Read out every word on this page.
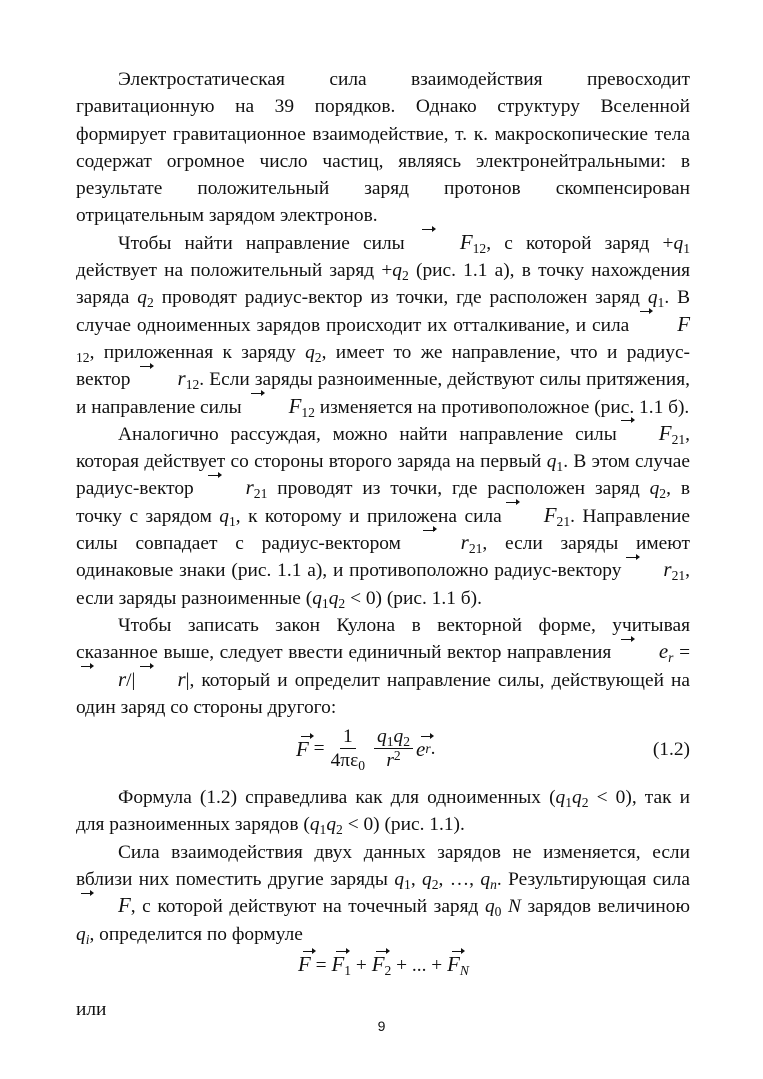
Электростатическая сила взаимодействия превосходит гравитационную на 39 порядков. Однако структуру Вселенной формирует гравитационное взаимодействие, т. к. макроскопические тела содержат огромное число частиц, являясь электронейтральными: в результате положительный заряд протонов скомпенсирован отрицательным зарядом электронов.

Чтобы найти направление силы $F_{12}$, с которой заряд $+q_1$ действует на положительный заряд $+q_2$ (рис. 1.1 а), в точку нахождения заряда $q_2$ проводят радиус-вектор из точки, где расположен заряд $q_1$. В случае одноименных зарядов происходит их отталкивание, и сила $F_{12}$, приложенная к заряду $q_2$, имеет то же направление, что и радиус-вектор $r_{12}$. Если заряды разноименные, действуют силы притяжения, и направление силы $F_{12}$ изменяется на противоположное (рис. 1.1 б).

Аналогично рассуждая, можно найти направление силы $F_{21}$, которая действует со стороны второго заряда на первый $q_1$. В этом случае радиус-вектор $r_{21}$ проводят из точки, где расположен заряд $q_2$, в точку с зарядом $q_1$, к которому и приложена сила $F_{21}$. Направление силы совпадает с радиус-вектором $r_{21}$, если заряды имеют одинаковые знаки (рис. 1.1 а), и противоположно радиус-вектору $r_{21}$, если заряды разноименные $(q_1q_2 < 0)$ (рис. 1.1 б).

Чтобы записать закон Кулона в векторной форме, учитывая сказанное выше, следует ввести единичный вектор направления $e_r = r/|$ r|, который и определит направление силы, действующей на один заряд со стороны другого:

F
= $\frac{1}{4\pi\varepsilon_0} \frac{q_1q_2}{r^2}$ e r .	(1.2)

Формула (1.2) справедлива как для одноименных $(q_1q_2 < 0)$, так и для разноименных зарядов $(q_1q_2 < 0)$ (рис. 1.1).

Сила взаимодействия двух данных зарядов не изменяется, если вблизи них поместить другие заряды $q_1$, $q_2$, …, $q_n$. Результирующая сила F, с которой действуют на точечный заряд $q_0$ N зарядов величиною $q_i$, определится по формуле

$F = F_1 + F_2$ + ... + $F_N$

или

9
